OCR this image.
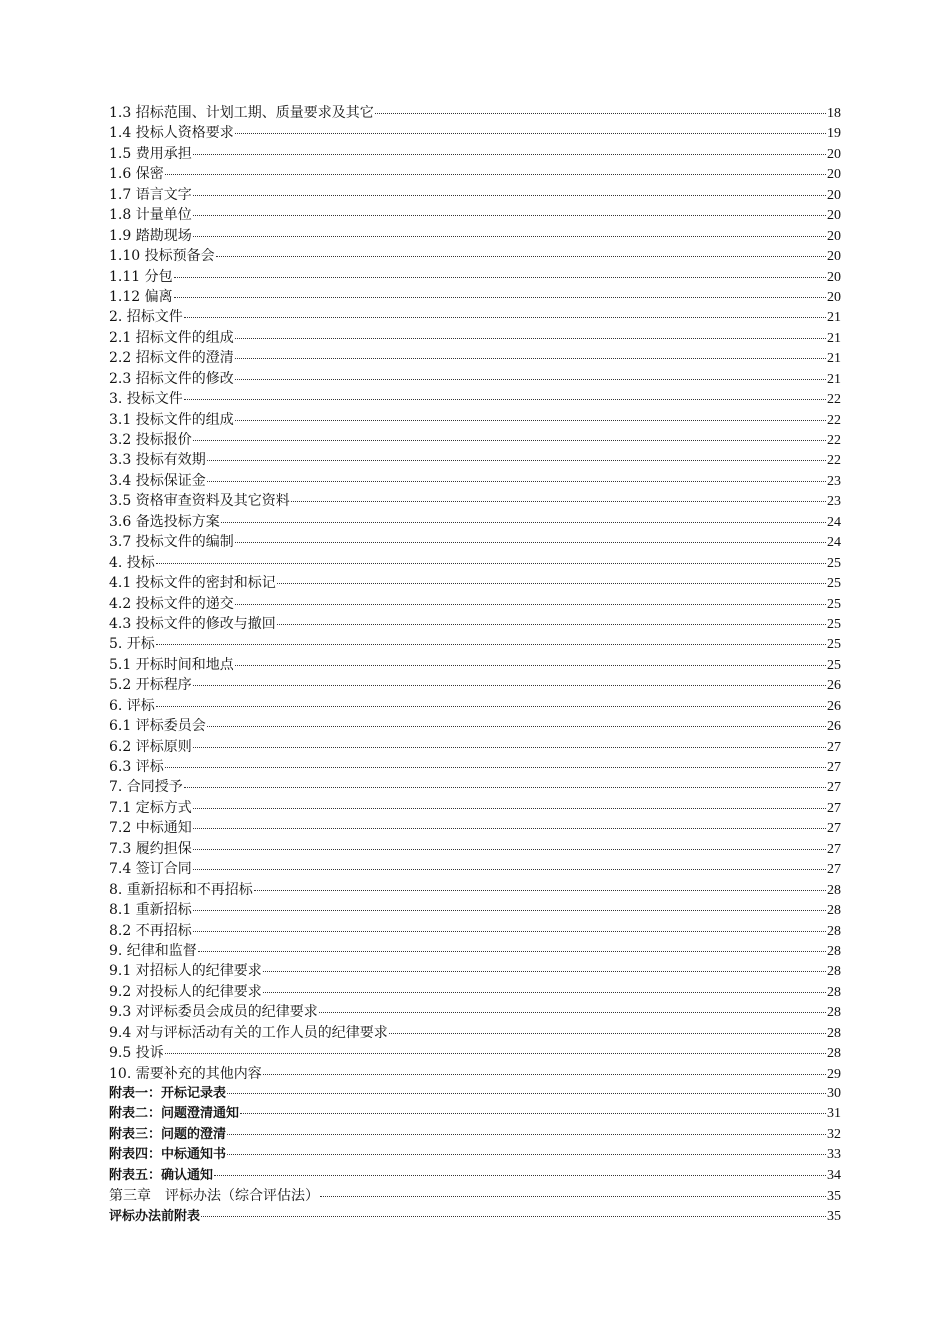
1.3 招标范围、计划工期、质量要求及其它	18
1.4 投标人资格要求	19
1.5 费用承担	20
1.6 保密	20
1.7 语言文字	20
1.8 计量单位	20
1.9 踏勘现场	20
1.10 投标预备会	20
1.11 分包	20
1.12 偏离	20
2. 招标文件	21
2.1 招标文件的组成	21
2.2 招标文件的澄清	21
2.3 招标文件的修改	21
3. 投标文件	22
3.1 投标文件的组成	22
3.2 投标报价	22
3.3 投标有效期	22
3.4 投标保证金	23
3.5 资格审查资料及其它资料	23
3.6 备选投标方案	24
3.7 投标文件的编制	24
4. 投标	25
4.1 投标文件的密封和标记	25
4.2 投标文件的递交	25
4.3 投标文件的修改与撤回	25
5. 开标	25
5.1 开标时间和地点	25
5.2 开标程序	26
6. 评标	26
6.1 评标委员会	26
6.2 评标原则	27
6.3 评标	27
7. 合同授予	27
7.1 定标方式	27
7.2 中标通知	27
7.3 履约担保	27
7.4 签订合同	27
8. 重新招标和不再招标	28
8.1 重新招标	28
8.2 不再招标	28
9. 纪律和监督	28
9.1 对招标人的纪律要求	28
9.2 对投标人的纪律要求	28
9.3 对评标委员会成员的纪律要求	28
9.4 对与评标活动有关的工作人员的纪律要求	28
9.5 投诉	28
10. 需要补充的其他内容	29
附表一：开标记录表	30
附表二：问题澄清通知	31
附表三：问题的澄清	32
附表四：中标通知书	33
附表五：确认通知	34
第三章　评标办法（综合评估法）	35
评标办法前附表	35
